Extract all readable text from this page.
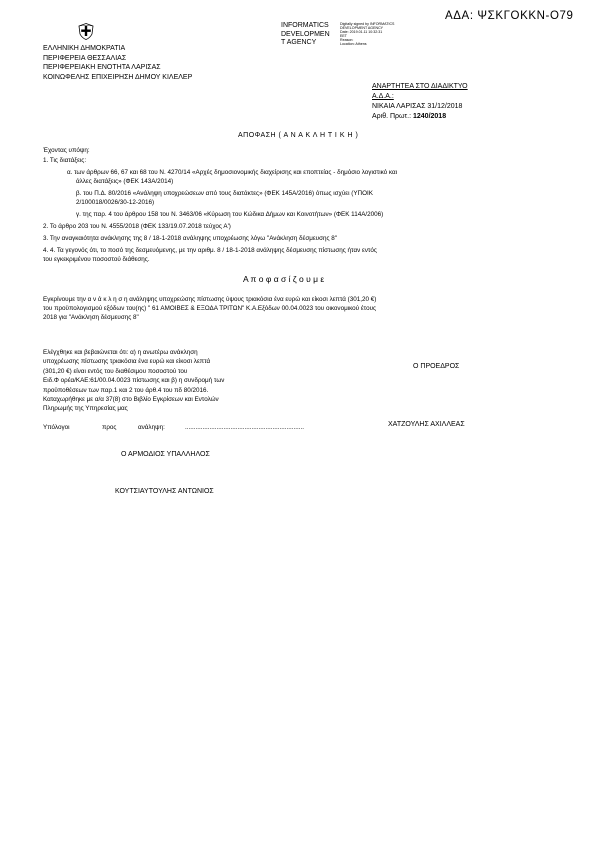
ΑΔΑ: ΨΣΚΓΟΚΚΝ-Ο79
INFORMATICS
DEVELOPMEN
T AGENCY
Digitally signed by INFORMATICS
DEVELOPMENT AGENCY
Date: 2019.01.11 10:32:31
EET
Reason:
Location: Athens
ΕΛΛΗΝΙΚΗ ΔΗΜΟΚΡΑΤΙΑ
ΠΕΡΙΦΕΡΕΙΑ ΘΕΣΣΑΛΙΑΣ
ΠΕΡΙΦΕΡΕΙΑΚΗ ΕΝΟΤΗΤΑ ΛΑΡΙΣΑΣ
ΚΟΙΝΩΦΕΛΗΣ ΕΠΙΧΕΙΡΗΣΗ ΔΗΜΟΥ ΚΙΛΕΛΕΡ
ΑΝΑΡΤΗΤΕΑ ΣΤΟ ΔΙΑΔΙΚΤΥΟ
Α.Δ.Α.:
ΝΙΚΑΙΑ ΛΑΡΙΣΑΣ 31/12/2018
Αριθ. Πρωτ.: 1240/2018
ΑΠΟΦΑΣΗ ( Α Ν Α Κ Λ Η Τ Ι Κ Η )
Έχοντας υπόψη:
1. Τις διατάξεις:
α. των άρθρων 66, 67 και 68 του Ν. 4270/14 «Αρχές δημοσιονομικής διαχείρισης και εποπτείας - δημόσιο λογιστικό και
άλλες διατάξεις» (ΦΕΚ 143Α/2014)
β. του Π.Δ. 80/2016 «Ανάληψη υποχρεώσεων από τους διατάκτες» (ΦΕΚ 145Α/2016) όπως ισχύει (ΥΠΟΙΚ
2/100018/0026/30-12-2016)
γ. της παρ. 4 του άρθρου 158 του Ν. 3463/06 «Κύρωση του Κώδικα Δήμων και Κοινοτήτων» (ΦΕΚ 114Α/2006)
2. Το άρθρο 203 του Ν. 4555/2018 (ΦΕΚ 133/19.07.2018 τεύχος Α')
3. Την αναγκαιότητα ανάκλησης της 8 / 18-1-2018 ανάληψης υποχρέωσης λόγω "Ανάκληση δέσμευσης 8"
4. 4. Τα γεγονός ότι, το ποσό της δεσμευόμενης, με την αριθμ. 8 / 18-1-2018 ανάληψης δέσμευσης πίστωσης ήταν εντός
του εγκεκριμένου ποσοστού διάθεσης.
Α π ο φ α σ ί ζ ο υ μ ε
Εγκρίνουμε την α ν ά κ λ η σ η ανάληψης υποχρεώσης πίστωσης ύψους τριακόσια ένα ευρώ και είκοσι λεπτά (301,20 €)
του προϋπολογισμού εξόδων του(ης) " 61 ΑΜΟΙΒΕΣ & ΕΞΟΔΑ ΤΡΙΤΩΝ" Κ.Α.Εξόδων 00.04.0023 του οικονομικού έτους
2018 για "Ανάκληση δέσμευσης 8"
Ελέγχθηκε και βεβαιώνεται ότι: α) η ανωτέρω ανάκληση
υποχρέωσης πίστωσης τριακόσια ένα ευρώ και είκοσι λεπτά
(301,20 €) είναι εντός του διαθέσιμου ποσοστού του
Ειδ.Φ ορέα/ΚΑΕ:61/00.04.0023 πίστωσης και β) η συνδρομή των
προϋποθέσεων των παρ.1 και 2 του άρθ.4 του πδ 80/2016.
Καταχωρήθηκε με α/α 37(8) στο Βιβλίο Εγκρίσεων και Εντολών
Πληρωμής της Υπηρεσίας μας
Υπόλογοι	προς	ανάληψη:	....................................................................
Ο ΠΡΟΕΔΡΟΣ
ΧΑΤΖΟΥΛΗΣ ΑΧΙΛΛΕΑΣ
Ο ΑΡΜΟΔΙΟΣ ΥΠΑΛΛΗΛΟΣ
ΚΟΥΤΣΙΑΥΤΟΥΛΗΣ ΑΝΤΩΝΙΟΣ
